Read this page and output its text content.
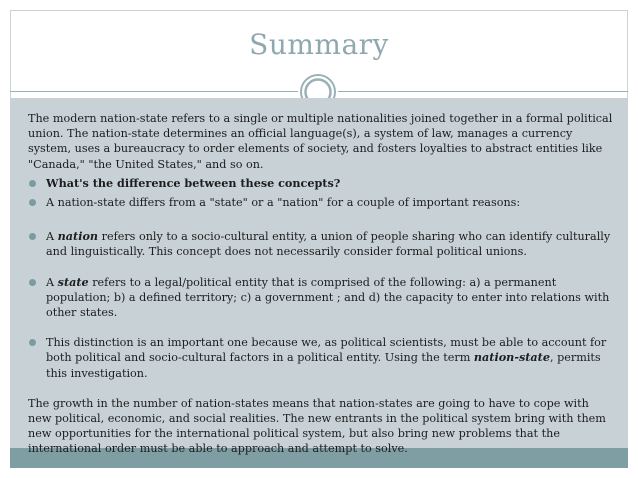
Summary

The modern nation-state refers to a single or multiple nationalities joined together in a formal political union. The nation-state determines an official language(s), a system of law, manages a currency system, uses a bureaucracy to order elements of society, and fosters loyalties to abstract entities like "Canada," "the United States," and so on.

What's the difference between these concepts?

A nation-state differs from a "state" or a "nation" for a couple of important reasons:

A nation refers only to a socio-cultural entity, a union of people sharing who can identify culturally and linguistically. This concept does not necessarily consider formal political unions.

A state refers to a legal/political entity that is comprised of the following: a) a permanent population; b) a defined territory; c) a government ; and d) the capacity to enter into relations with other states.

This distinction is an important one because we, as political scientists, must be able to account for both political and socio-cultural factors in a political entity. Using the term nation-state, permits this investigation.

The growth in the number of nation-states means that nation-states are going to have to cope with new political, economic, and social realities. The new entrants in the political system bring with them new opportunities for the international political system, but also bring new problems that the international order must be able to approach and attempt to solve.
